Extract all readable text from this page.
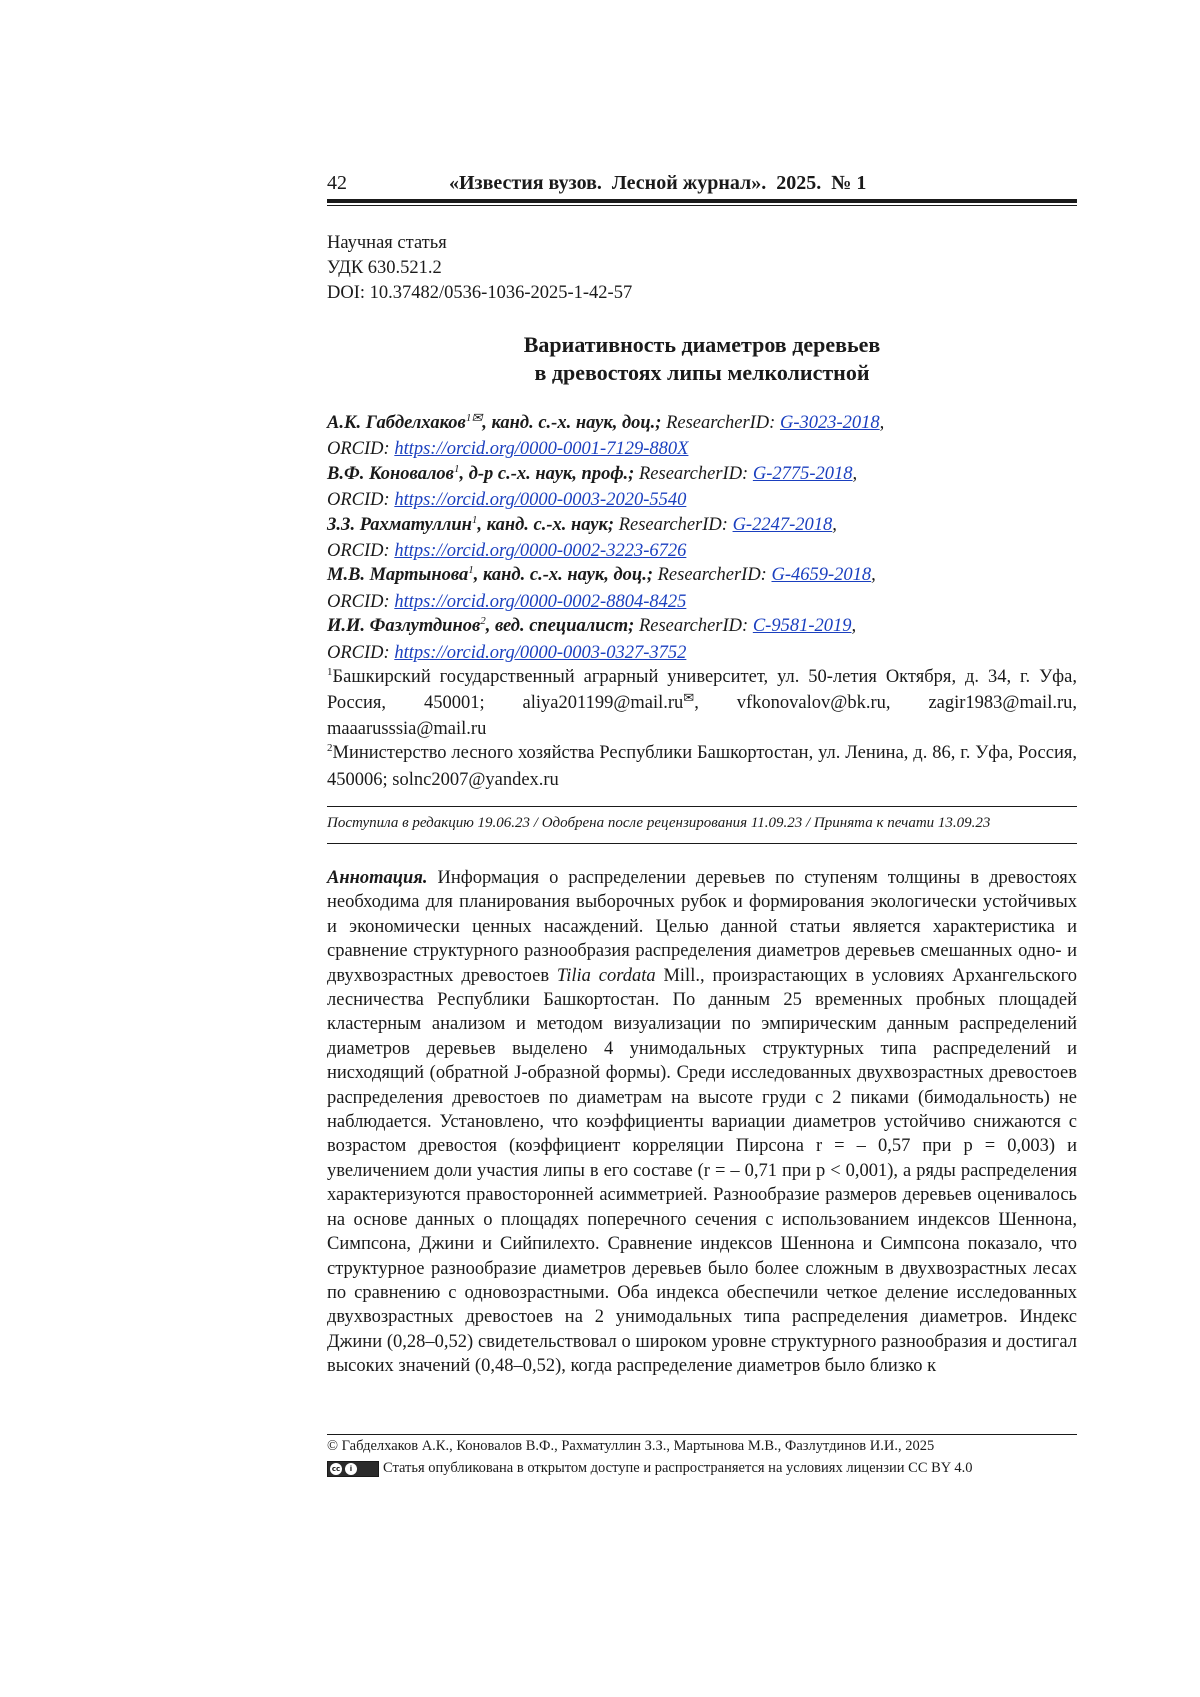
42	«Известия вузов.  Лесной журнал».  2025.  № 1
Научная статья
УДК 630.521.2
DOI: 10.37482/0536-1036-2025-1-42-57
Вариативность диаметров деревьев
в древостоях липы мелколистной
А.К. Габделхаков1✉, канд. с.-х. наук, доц.; ResearcherID: G-3023-2018,
ORCID: https://orcid.org/0000-0001-7129-880X
В.Ф. Коновалов1, д-р с.-х. наук, проф.; ResearcherID: G-2775-2018,
ORCID: https://orcid.org/0000-0003-2020-5540
З.З. Рахматуллин1, канд. с.-х. наук; ResearcherID: G-2247-2018,
ORCID: https://orcid.org/0000-0002-3223-6726
М.В. Мартынова1, канд. с.-х. наук, доц.; ResearcherID: G-4659-2018,
ORCID: https://orcid.org/0000-0002-8804-8425
И.И. Фазлутдинов2, вед. специалист; ResearcherID: C-9581-2019,
ORCID: https://orcid.org/0000-0003-0327-3752
1Башкирский государственный аграрный университет, ул. 50-летия Октября, д. 34, г. Уфа, Россия, 450001; aliya201199@mail.ru✉, vfkonovalov@bk.ru, zagir1983@mail.ru, maaarusssia@mail.ru
2Министерство лесного хозяйства Республики Башкортостан, ул. Ленина, д. 86, г. Уфа, Россия, 450006; solnc2007@yandex.ru
Поступила в редакцию 19.06.23 / Одобрена после рецензирования 11.09.23 / Принята к печати 13.09.23
Аннотация. Информация о распределении деревьев по ступеням толщины в древостоях необходима для планирования выборочных рубок и формирования экологически устойчивых и экономически ценных насаждений. Целью данной статьи является характеристика и сравнение структурного разнообразия распределения диаметров деревьев смешанных одно- и двухвозрастных древостоев Tilia cordata Mill., произрастающих в условиях Архангельского лесничества Республики Башкортостан. По данным 25 временных пробных площадей кластерным анализом и методом визуализации по эмпирическим данным распределений диаметров деревьев выделено 4 унимодальных структурных типа распределений и нисходящий (обратной J-образной формы). Среди исследованных двухвозрастных древостоев распределения древостоев по диаметрам на высоте груди с 2 пиками (бимодальность) не наблюдается. Установлено, что коэффициенты вариации диаметров устойчиво снижаются с возрастом древостоя (коэффициент корреляции Пирсона r = – 0,57 при p = 0,003) и увеличением доли участия липы в его составе (r = – 0,71 при p < 0,001), а ряды распределения характеризуются правосторонней асимметрией. Разнообразие размеров деревьев оценивалось на основе данных о площадях поперечного сечения с использованием индексов Шеннона, Симпсона, Джини и Сийпилехто. Сравнение индексов Шеннона и Симпсона показало, что структурное разнообразие диаметров деревьев было более сложным в двухвозрастных лесах по сравнению с одновозрастными. Оба индекса обеспечили четкое деление исследованных двухвозрастных древостоев на 2 унимодальных типа распределения диаметров. Индекс Джини (0,28–0,52) свидетельствовал о широком уровне структурного разнообразия и достигал высоких значений (0,48–0,52), когда распределение диаметров было близко к
© Габделхаков А.К., Коновалов В.Ф., Рахматуллин З.З., Мартынова М.В., Фазлутдинов И.И., 2025
cc	i	Статья опубликована в открытом доступе и распространяется на условиях лицензии CC BY 4.0
